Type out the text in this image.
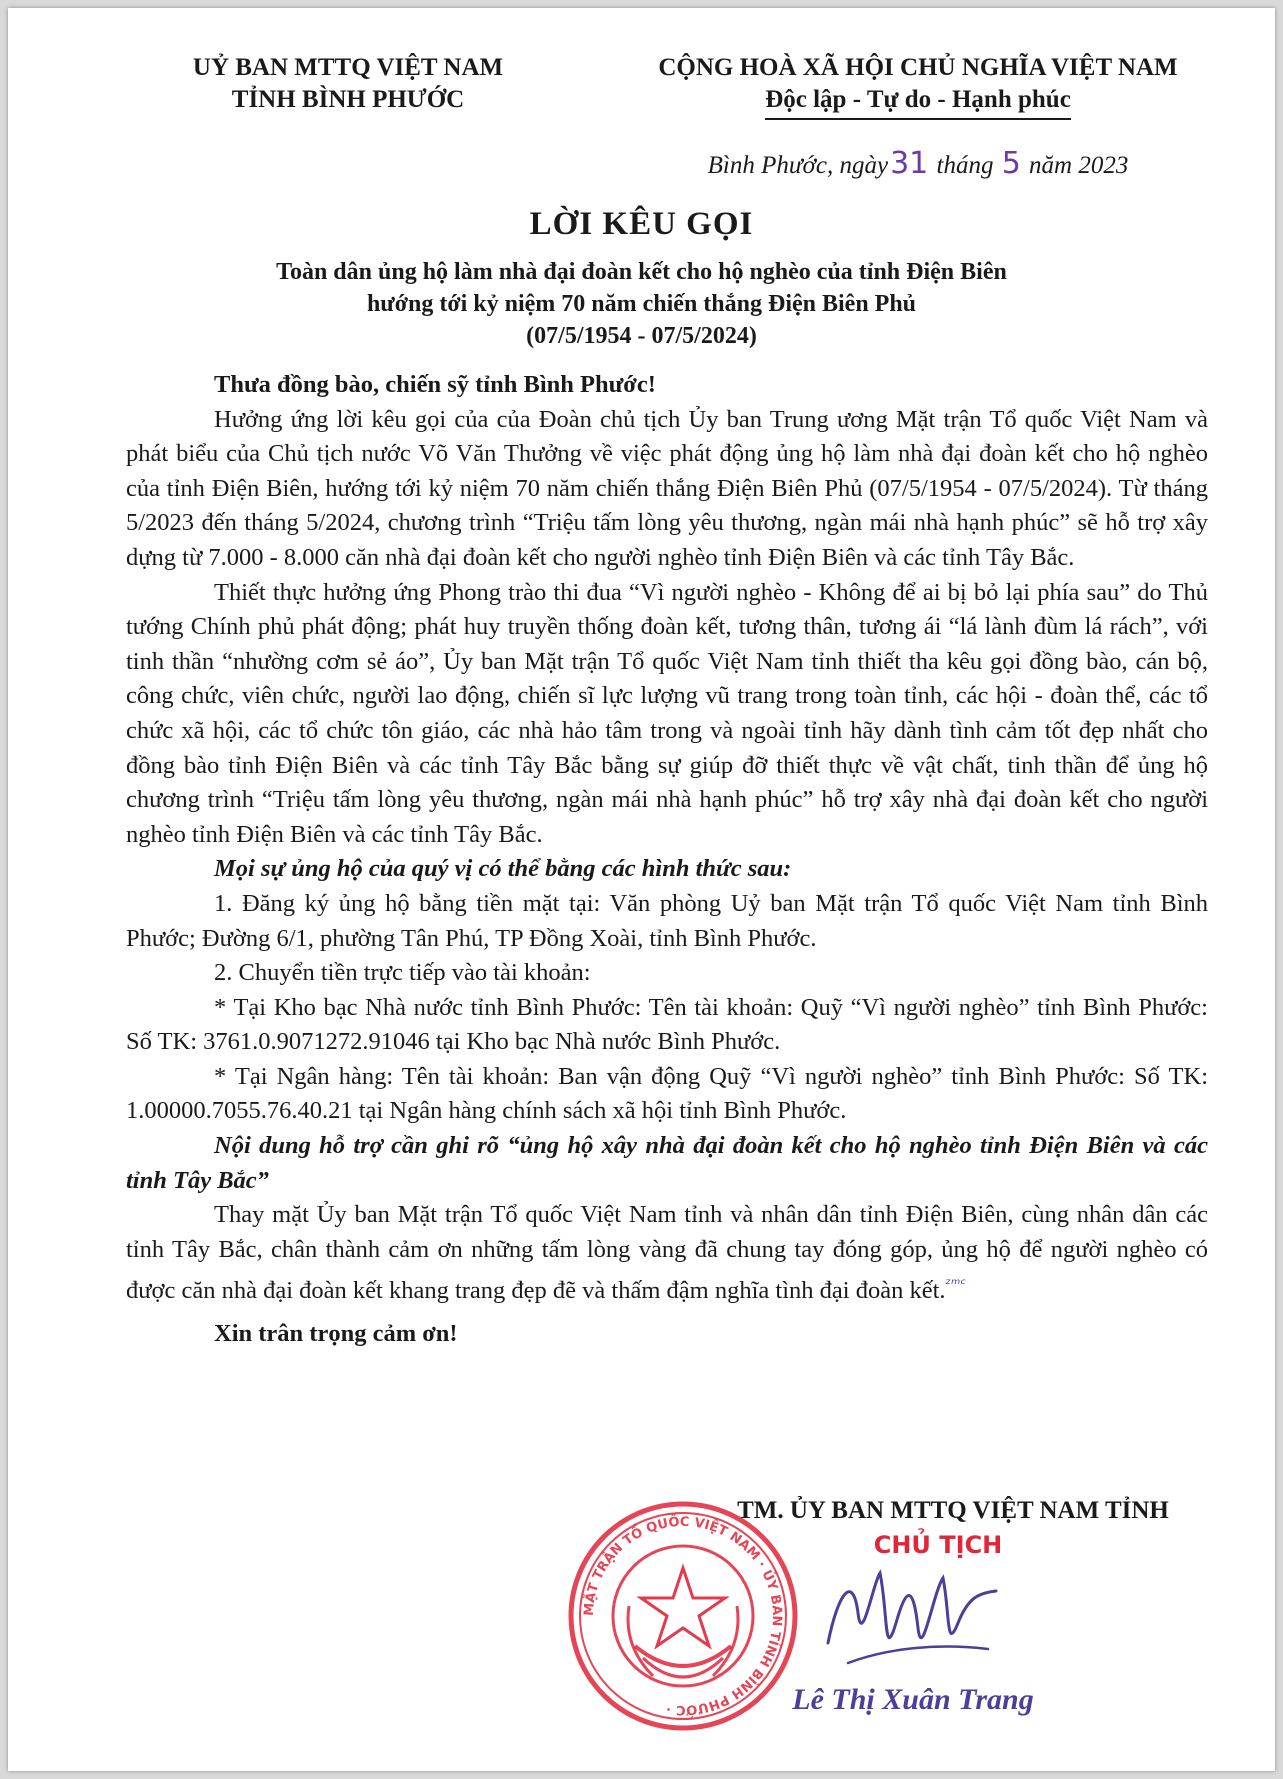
UỶ BAN MTTQ VIỆT NAM
TỈNH BÌNH PHƯỚC
CỘNG HOÀ XÃ HỘI CHỦ NGHĨA VIỆT NAM
Độc lập - Tự do - Hạnh phúc
Bình Phước, ngày31 tháng 5 năm 2023
LỜI KÊU GỌI
Toàn dân ủng hộ làm nhà đại đoàn kết cho hộ nghèo của tỉnh Điện Biên
hướng tới kỷ niệm 70 năm chiến thắng Điện Biên Phủ
(07/5/1954 - 07/5/2024)

Thưa đồng bào, chiến sỹ tỉnh Bình Phước!

Hưởng ứng lời kêu gọi của của Đoàn chủ tịch Ủy ban Trung ương Mặt trận Tổ quốc Việt Nam và phát biểu của Chủ tịch nước Võ Văn Thưởng về việc phát động ủng hộ làm nhà đại đoàn kết cho hộ nghèo của tỉnh Điện Biên, hướng tới kỷ niệm 70 năm chiến thắng Điện Biên Phủ (07/5/1954 - 07/5/2024). Từ tháng 5/2023 đến tháng 5/2024, chương trình “Triệu tấm lòng yêu thương, ngàn mái nhà hạnh phúc” sẽ hỗ trợ xây dựng từ 7.000 - 8.000 căn nhà đại đoàn kết cho người nghèo tỉnh Điện Biên và các tỉnh Tây Bắc.

Thiết thực hưởng ứng Phong trào thi đua “Vì người nghèo - Không để ai bị bỏ lại phía sau” do Thủ tướng Chính phủ phát động; phát huy truyền thống đoàn kết, tương thân, tương ái “lá lành đùm lá rách”, với tinh thần “nhường cơm sẻ áo”, Ủy ban Mặt trận Tổ quốc Việt Nam tỉnh thiết tha kêu gọi đồng bào, cán bộ, công chức, viên chức, người lao động, chiến sĩ lực lượng vũ trang trong toàn tỉnh, các hội - đoàn thể, các tổ chức xã hội, các tổ chức tôn giáo, các nhà hảo tâm trong và ngoài tỉnh hãy dành tình cảm tốt đẹp nhất cho đồng bào tỉnh Điện Biên và các tỉnh Tây Bắc bằng sự giúp đỡ thiết thực về vật chất, tinh thần để ủng hộ chương trình “Triệu tấm lòng yêu thương, ngàn mái nhà hạnh phúc” hỗ trợ xây nhà đại đoàn kết cho người nghèo tỉnh Điện Biên và các tỉnh Tây Bắc.

Mọi sự ủng hộ của quý vị có thể bằng các hình thức sau:

1. Đăng ký ủng hộ bằng tiền mặt tại: Văn phòng Uỷ ban Mặt trận Tổ quốc Việt Nam tỉnh Bình Phước; Đường 6/1, phường Tân Phú, TP Đồng Xoài, tỉnh Bình Phước.

2. Chuyển tiền trực tiếp vào tài khoản:

* Tại Kho bạc Nhà nước tỉnh Bình Phước: Tên tài khoản: Quỹ “Vì người nghèo” tỉnh Bình Phước: Số TK: 3761.0.9071272.91046 tại Kho bạc Nhà nước Bình Phước.

* Tại Ngân hàng: Tên tài khoản: Ban vận động Quỹ “Vì người nghèo” tỉnh Bình Phước: Số TK: 1.00000.7055.76.40.21 tại Ngân hàng chính sách xã hội tỉnh Bình Phước.

Nội dung hỗ trợ cần ghi rõ “ủng hộ xây nhà đại đoàn kết cho hộ nghèo tỉnh Điện Biên và các tỉnh Tây Bắc”

Thay mặt Ủy ban Mặt trận Tổ quốc Việt Nam tỉnh và nhân dân tỉnh Điện Biên, cùng nhân dân các tỉnh Tây Bắc, chân thành cảm ơn những tấm lòng vàng đã chung tay đóng góp, ủng hộ để người nghèo có được căn nhà đại đoàn kết khang trang đẹp đẽ và thấm đậm nghĩa tình đại đoàn kết.$^{ᶻᵐᶜ}$

Xin trân trọng cảm ơn!

TM. ỦY BAN MTTQ VIỆT NAM TỈNH
MẶT TRẬN TỔ QUỐC VIỆT NAM · ỦY BAN TỈNH BÌNH PHƯỚC ·
CHỦ TỊCH
Lê Thị Xuân Trang
